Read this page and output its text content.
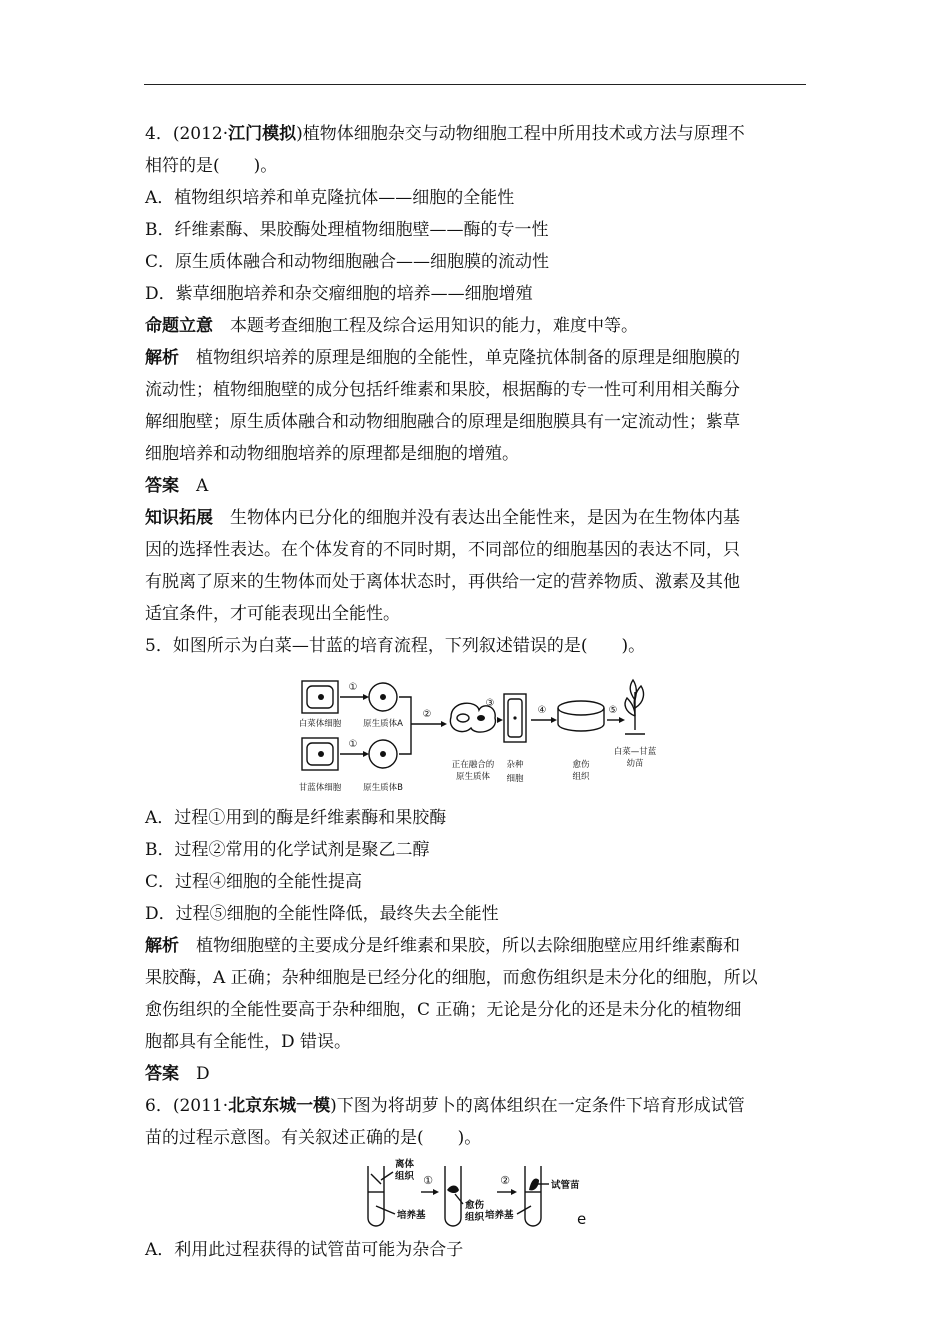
4．(2012·江门模拟)植物体细胞杂交与动物细胞工程中所用技术或方法与原理不

相符的是(　　)。

A．植物组织培养和单克隆抗体——细胞的全能性

B．纤维素酶、果胶酶处理植物细胞壁——酶的专一性

C．原生质体融合和动物细胞融合——细胞膜的流动性

D．紫草细胞培养和杂交瘤细胞的培养——细胞增殖

命题立意　 本题考查细胞工程及综合运用知识的能力，难度中等。

解析　 植物组织培养的原理是细胞的全能性，单克隆抗体制备的原理是细胞膜的

流动性；植物细胞壁的成分包括纤维素和果胶，根据酶的专一性可利用相关酶分

解细胞壁；原生质体融合和动物细胞融合的原理是细胞膜具有一定流动性；紫草

细胞培养和动物细胞培养的原理都是细胞的增殖。

答案　 A

知识拓展　 生物体内已分化的细胞并没有表达出全能性来，是因为在生物体内基

因的选择性表达。在个体发育的不同时期，不同部位的细胞基因的表达不同，只

有脱离了原来的生物体而处于离体状态时，再供给一定的营养物质、激素及其他

适宜条件，才可能表现出全能性。

5．如图所示为白菜—甘蓝的培育流程，下列叙述错误的是(　　)。

①
①
②
③
④	⑤
白菜体细胞	原生质体A
甘蓝体细胞	原生质体B
正在融合的
原生质体
杂种
细胞
愈伤
组织
白菜—甘蓝
幼苗

A．过程①用到的酶是纤维素酶和果胶酶

B．过程②常用的化学试剂是聚乙二醇

C．过程④细胞的全能性提高

D．过程⑤细胞的全能性降低，最终失去全能性

解析　 植物细胞壁的主要成分是纤维素和果胶，所以去除细胞壁应用纤维素酶和

果胶酶，A 正确；杂种细胞是已经分化的细胞，而愈伤组织是未分化的细胞，所以

愈伤组织的全能性要高于杂种细胞，C 正确；无论是分化的还是未分化的植物细

胞都具有全能性，D 错误。

答案　 D

6．(2011·北京东城一模)下图为将胡萝卜的离体组织在一定条件下培育形成试管

苗的过程示意图。有关叙述正确的是(　　)。

离体
组织
培养基
愈伤
组织 培养基
试管苗
①	②
e

A．利用此过程获得的试管苗可能为杂合子
